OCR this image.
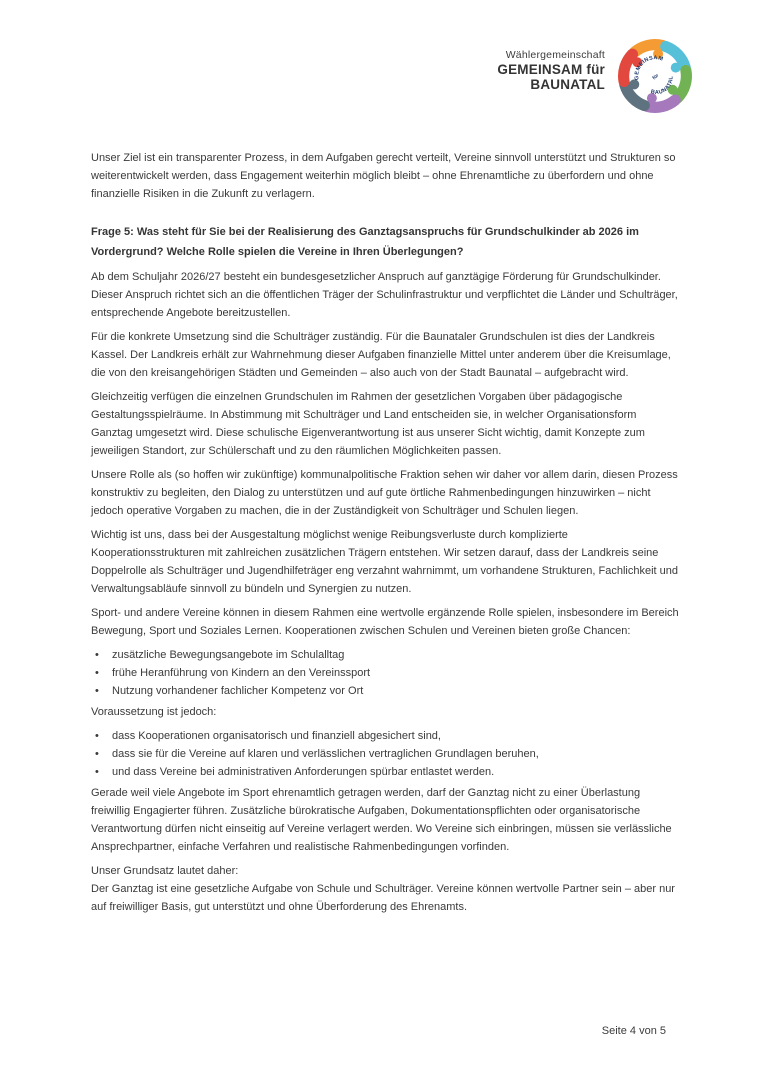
Wählergemeinschaft
GEMEINSAM für
BAUNATAL	GEMEINSAM
für
BAUNATAL

Unser Ziel ist ein transparenter Prozess, in dem Aufgaben gerecht verteilt, Vereine sinnvoll unterstützt und Strukturen so weiterentwickelt werden, dass Engagement weiterhin möglich bleibt – ohne Ehrenamtliche zu überfordern und ohne finanzielle Risiken in die Zukunft zu verlagern.

Frage 5: Was steht für Sie bei der Realisierung des Ganztagsanspruchs für Grundschulkinder ab 2026 im Vordergrund? Welche Rolle spielen die Vereine in Ihren Überlegungen?

Ab dem Schuljahr 2026/27 besteht ein bundesgesetzlicher Anspruch auf ganztägige Förderung für Grundschulkinder. Dieser Anspruch richtet sich an die öffentlichen Träger der Schulinfrastruktur und verpflichtet die Länder und Schulträger, entsprechende Angebote bereitzustellen.

Für die konkrete Umsetzung sind die Schulträger zuständig. Für die Baunataler Grundschulen ist dies der Landkreis Kassel. Der Landkreis erhält zur Wahrnehmung dieser Aufgaben finanzielle Mittel unter anderem über die Kreisumlage, die von den kreisangehörigen Städten und Gemeinden – also auch von der Stadt Baunatal – aufgebracht wird.

Gleichzeitig verfügen die einzelnen Grundschulen im Rahmen der gesetzlichen Vorgaben über pädagogische Gestaltungsspielräume. In Abstimmung mit Schulträger und Land entscheiden sie, in welcher Organisationsform Ganztag umgesetzt wird. Diese schulische Eigenverantwortung ist aus unserer Sicht wichtig, damit Konzepte zum jeweiligen Standort, zur Schülerschaft und zu den räumlichen Möglichkeiten passen.

Unsere Rolle als (so hoffen wir zukünftige) kommunalpolitische Fraktion sehen wir daher vor allem darin, diesen Prozess konstruktiv zu begleiten, den Dialog zu unterstützen und auf gute örtliche Rahmenbedingungen hinzuwirken – nicht jedoch operative Vorgaben zu machen, die in der Zuständigkeit von Schulträger und Schulen liegen.

Wichtig ist uns, dass bei der Ausgestaltung möglichst wenige Reibungsverluste durch komplizierte Kooperationsstrukturen mit zahlreichen zusätzlichen Trägern entstehen. Wir setzen darauf, dass der Landkreis seine Doppelrolle als Schulträger und Jugendhilfeträger eng verzahnt wahrnimmt, um vorhandene Strukturen, Fachlichkeit und Verwaltungsabläufe sinnvoll zu bündeln und Synergien zu nutzen.

Sport- und andere Vereine können in diesem Rahmen eine wertvolle ergänzende Rolle spielen, insbesondere im Bereich Bewegung, Sport und Soziales Lernen. Kooperationen zwischen Schulen und Vereinen bieten große Chancen:

• zusätzliche Bewegungsangebote im Schulalltag
• frühe Heranführung von Kindern an den Vereinssport
• Nutzung vorhandener fachlicher Kompetenz vor Ort

Voraussetzung ist jedoch:

• dass Kooperationen organisatorisch und finanziell abgesichert sind,
• dass sie für die Vereine auf klaren und verlässlichen vertraglichen Grundlagen beruhen,
• und dass Vereine bei administrativen Anforderungen spürbar entlastet werden.

Gerade weil viele Angebote im Sport ehrenamtlich getragen werden, darf der Ganztag nicht zu einer Überlastung freiwillig Engagierter führen. Zusätzliche bürokratische Aufgaben, Dokumentationspflichten oder organisatorische Verantwortung dürfen nicht einseitig auf Vereine verlagert werden. Wo Vereine sich einbringen, müssen sie verlässliche Ansprechpartner, einfache Verfahren und realistische Rahmenbedingungen vorfinden.

Unser Grundsatz lautet daher:
Der Ganztag ist eine gesetzliche Aufgabe von Schule und Schulträger. Vereine können wertvolle Partner sein – aber nur auf freiwilliger Basis, gut unterstützt und ohne Überforderung des Ehrenamts.

Seite 4 von 5
